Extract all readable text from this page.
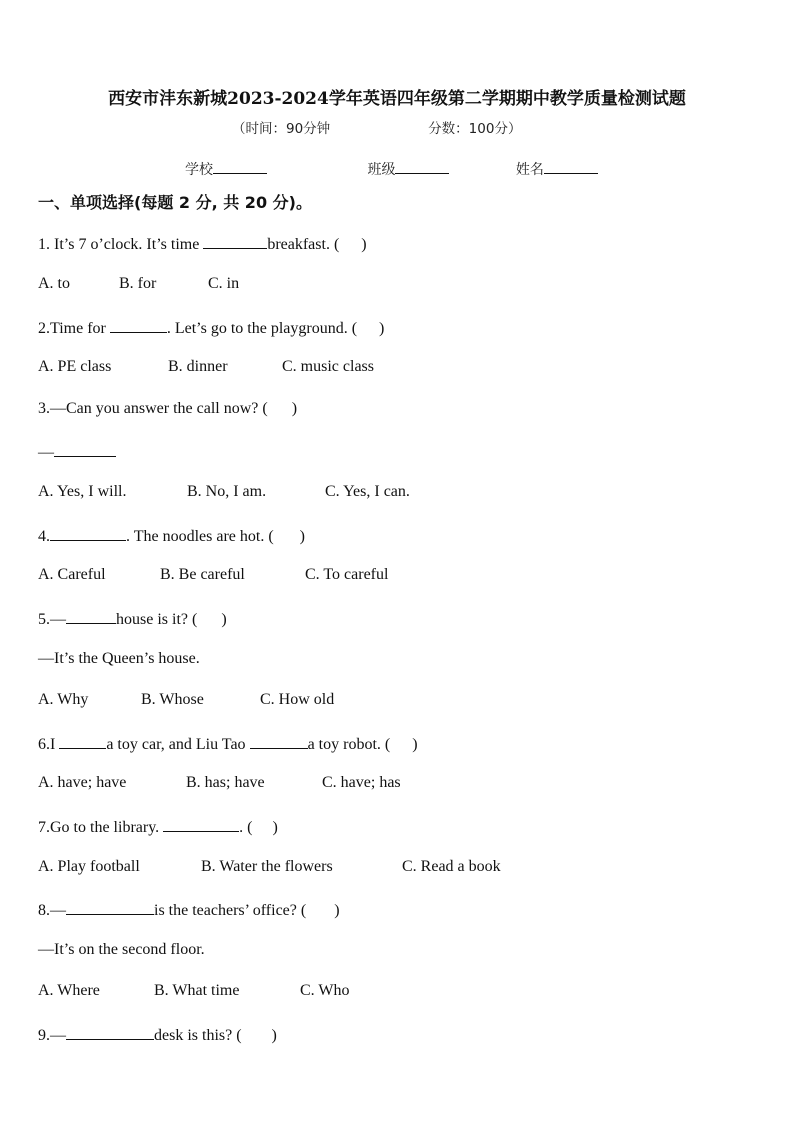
西安市沣东新城2023-2024学年英语四年级第二学期期中教学质量检测试题
（时间：90分钟	分数：100分）
学校	班级	姓名
一、单项选择(每题 2 分, 共 20 分)。
1. It’s 7 o’clock. It’s time	breakfast. ( )
A. to	B. for	C. in
2.Time for	. Let’s go to the playground. ( )
A. PE class	B. dinner	C. music class
3.—Can you answer the call now? ( )
—
A. Yes, I will.	B. No, I am.	C. Yes, I can.
4.	. The noodles are hot. ( )
A. Careful	B. Be careful	C. To careful
5.—	house is it? ( )
—It’s the Queen’s house.
A. Why	B. Whose	C. How old
6.I	a toy car, and Liu Tao	a toy robot. ( )
A. have; have	B. has; have	C. have; has
7.Go to the library.	. ( )
A. Play football	B. Water the flowers	C. Read a book
8.—	is the teachers’ office? ( )
—It’s on the second floor.
A. Where	B. What time	C. Who
9.—	desk is this? ( )
